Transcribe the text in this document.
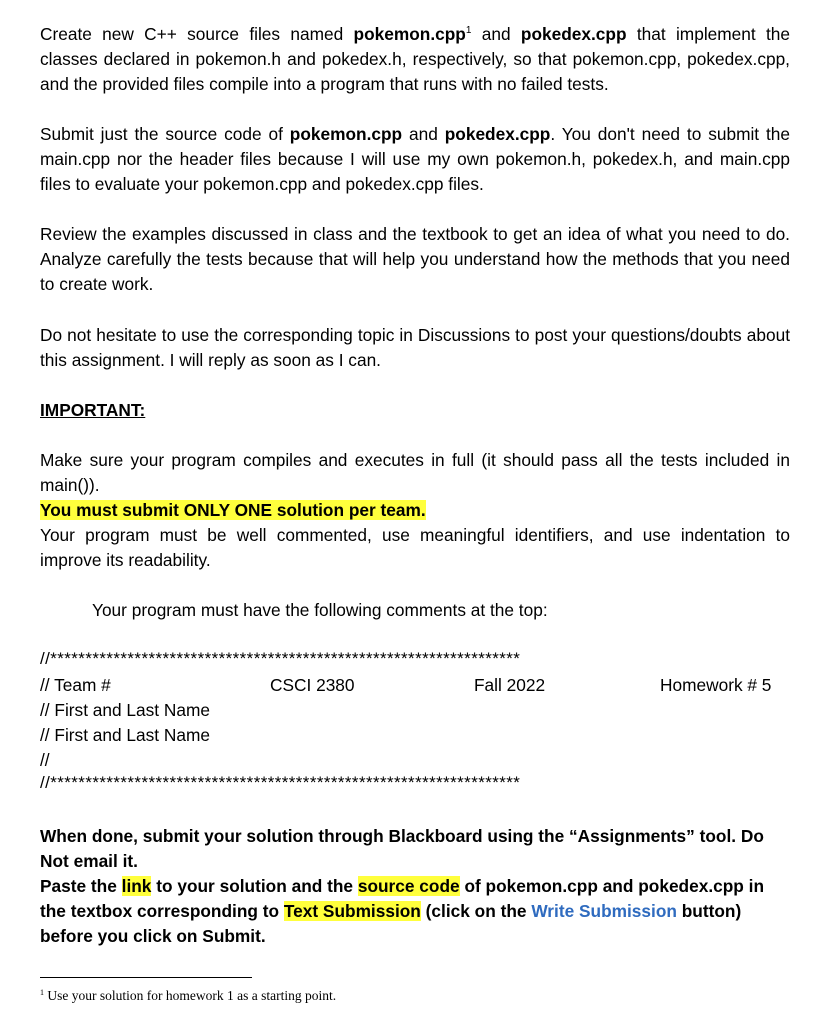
Create new C++ source files named pokemon.cpp$^1$ and pokedex.cpp that implement the classes declared in pokemon.h and pokedex.h, respectively, so that pokemon.cpp, pokedex.cpp, and the provided files compile into a program that runs with no failed tests.

Submit just the source code of pokemon.cpp and pokedex.cpp. You don't need to submit the main.cpp nor the header files because I will use my own pokemon.h, pokedex.h, and main.cpp files to evaluate your pokemon.cpp and pokedex.cpp files.

Review the examples discussed in class and the textbook to get an idea of what you need to do. Analyze carefully the tests because that will help you understand how the methods that you need to create work.

Do not hesitate to use the corresponding topic in Discussions to post your questions/doubts about this assignment. I will reply as soon as I can.

IMPORTANT:

Make sure your program compiles and executes in full (it should pass all the tests included in main()).

You must submit ONLY ONE solution per team.

Your program must be well commented, use meaningful identifiers, and use indentation to improve its readability.

Your program must have the following comments at the top:

//*******************************************************************
// Team #	CSCI 2380	Fall 2022	Homework # 5
// First and Last Name
// First and Last Name
//
//*******************************************************************

When done, submit your solution through Blackboard using the “Assignments” tool. Do Not email it.

Paste the link to your solution and the source code of pokemon.cpp and pokedex.cpp in the textbox corresponding to Text Submission (click on the Write Submission button) before you click on Submit.

$^1$ Use your solution for homework 1 as a starting point.
